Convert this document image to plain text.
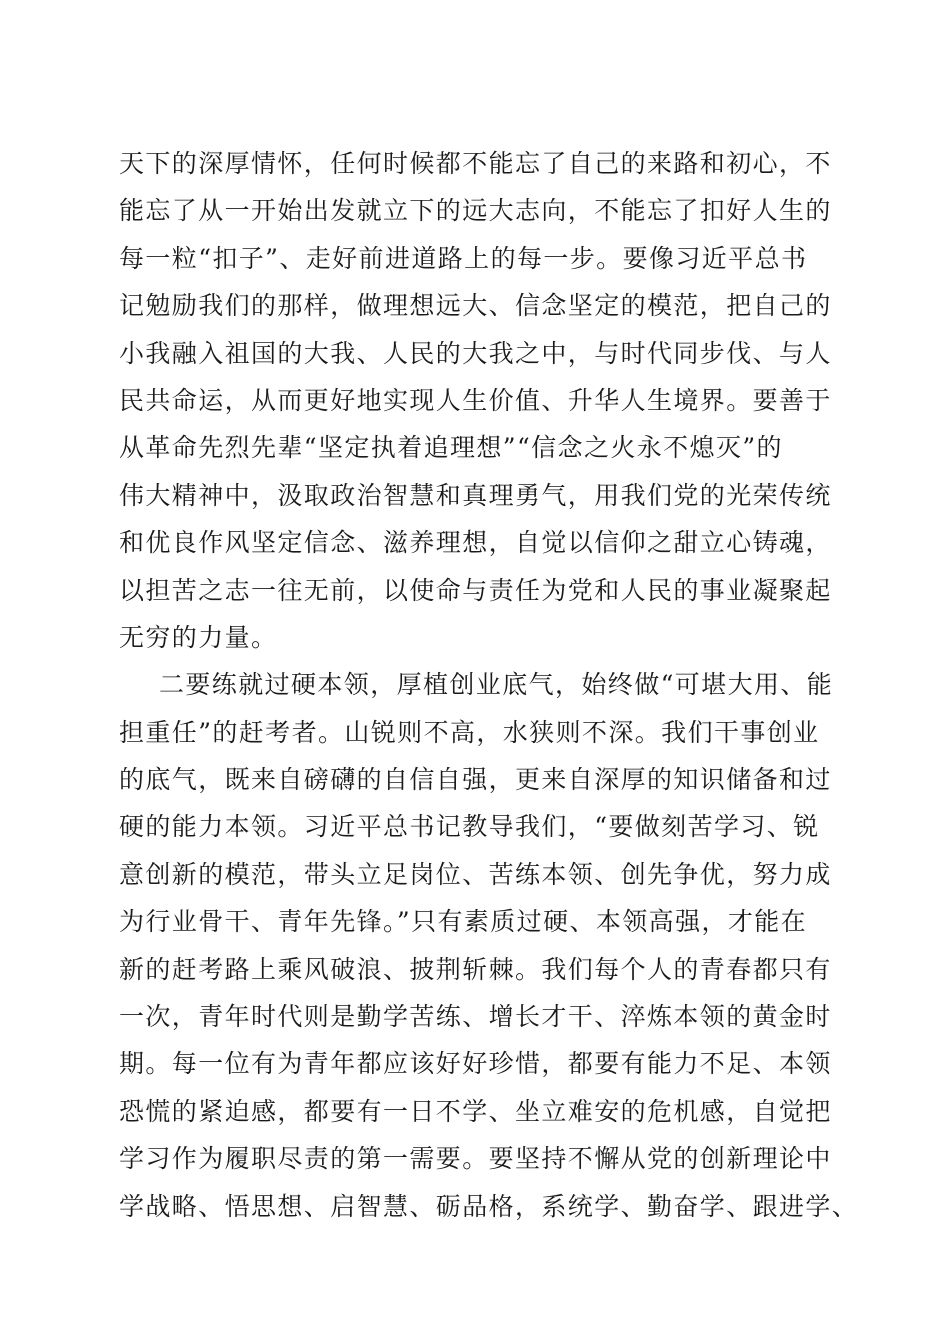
天下的深厚情怀，任何时候都不能忘了自己的来路和初心，不
能忘了从一开始出发就立下的远大志向，不能忘了扣好人生的
每一粒“扣子”、走好前进道路上的每一步。要像习近平总书
记勉励我们的那样，做理想远大、信念坚定的模范，把自己的
小我融入祖国的大我、人民的大我之中，与时代同步伐、与人
民共命运，从而更好地实现人生价值、升华人生境界。要善于
从革命先烈先辈“坚定执着追理想”“信念之火永不熄灭”的
伟大精神中，汲取政治智慧和真理勇气，用我们党的光荣传统
和优良作风坚定信念、滋养理想，自觉以信仰之甜立心铸魂，
以担苦之志一往无前，以使命与责任为党和人民的事业凝聚起
无穷的力量。
二要练就过硬本领，厚植创业底气，始终做“可堪大用、能
担重任”的赶考者。山锐则不高，水狭则不深。我们干事创业
的底气，既来自磅礴的自信自强，更来自深厚的知识储备和过
硬的能力本领。习近平总书记教导我们，“要做刻苦学习、锐
意创新的模范，带头立足岗位、苦练本领、创先争优，努力成
为行业骨干、青年先锋。”只有素质过硬、本领高强，才能在
新的赶考路上乘风破浪、披荆斩棘。我们每个人的青春都只有
一次，青年时代则是勤学苦练、增长才干、淬炼本领的黄金时
期。每一位有为青年都应该好好珍惜，都要有能力不足、本领
恐慌的紧迫感，都要有一日不学、坐立难安的危机感，自觉把
学习作为履职尽责的第一需要。要坚持不懈从党的创新理论中
学战略、悟思想、启智慧、砺品格，系统学、勤奋学、跟进学、
